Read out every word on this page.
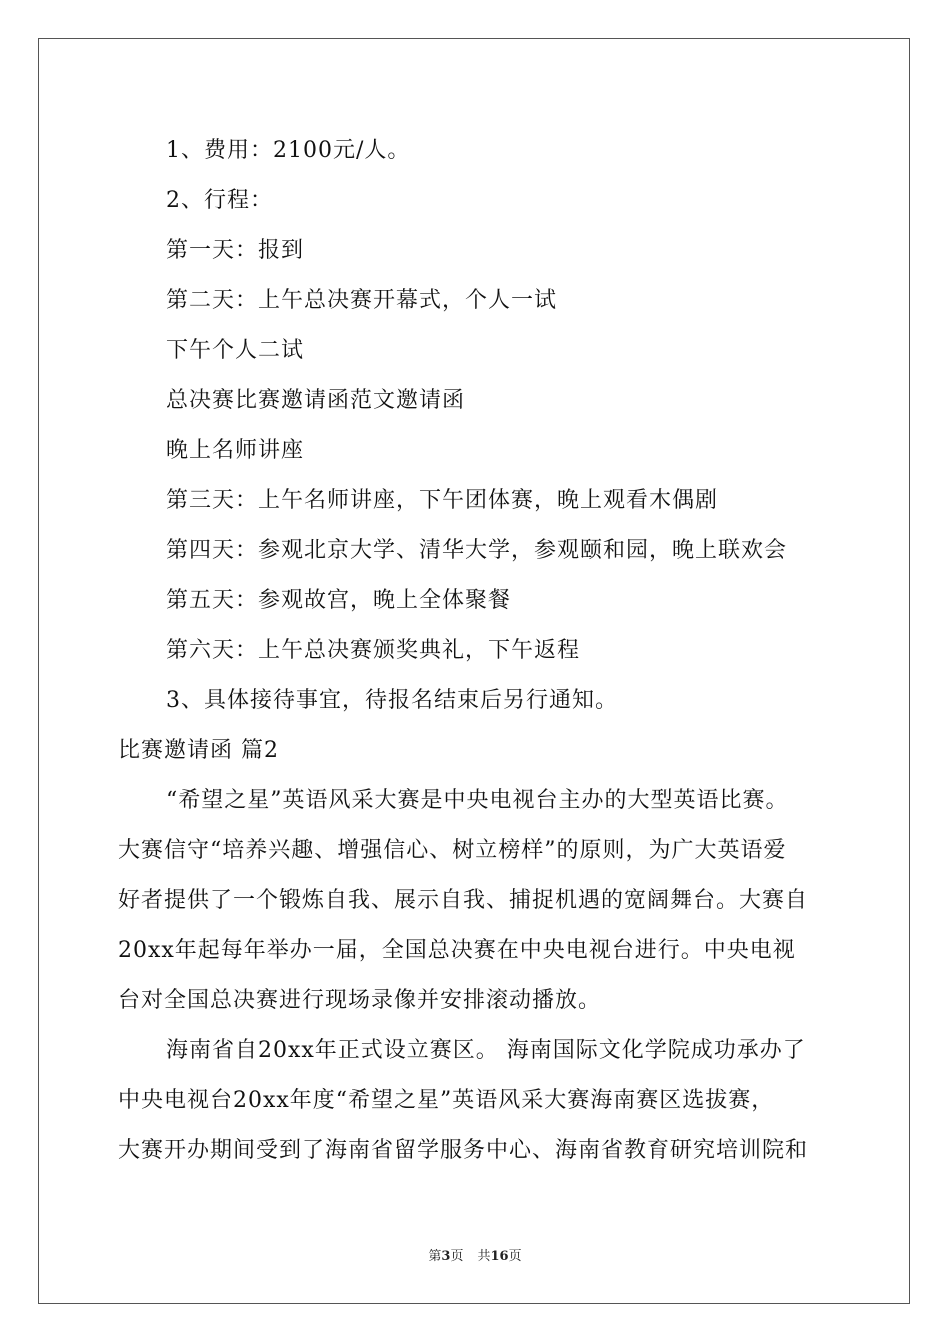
1、费用：2100元/人。
2、行程：
第一天：报到
第二天：上午总决赛开幕式，个人一试
下午个人二试
总决赛比赛邀请函范文邀请函
晚上名师讲座
第三天：上午名师讲座，下午团体赛，晚上观看木偶剧
第四天：参观北京大学、清华大学，参观颐和园，晚上联欢会
第五天：参观故宫，晚上全体聚餐
第六天：上午总决赛颁奖典礼，下午返程
3、具体接待事宜，待报名结束后另行通知。
比赛邀请函 篇2
“希望之星”英语风采大赛是中央电视台主办的大型英语比赛。
大赛信守“培养兴趣、增强信心、树立榜样”的原则，为广大英语爱
好者提供了一个锻炼自我、展示自我、捕捉机遇的宽阔舞台。大赛自
20xx年起每年举办一届，全国总决赛在中央电视台进行。中央电视
台对全国总决赛进行现场录像并安排滚动播放。
海南省自20xx年正式设立赛区。 海南国际文化学院成功承办了
中央电视台20xx年度“希望之星”英语风采大赛海南赛区选拔赛，
大赛开办期间受到了海南省留学服务中心、海南省教育研究培训院和
第3页 共16页
